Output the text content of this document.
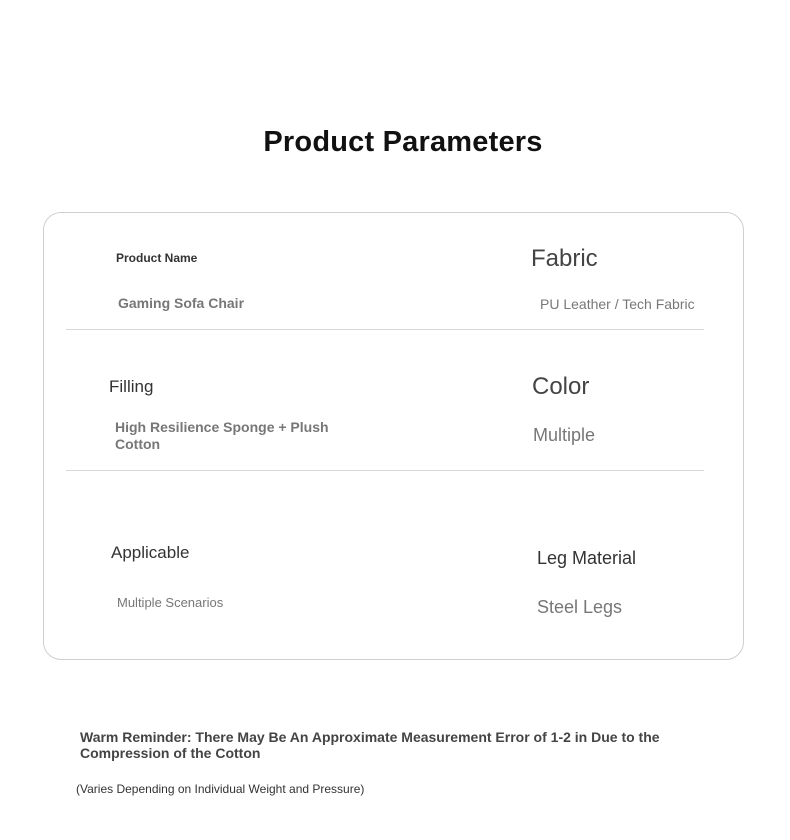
Product Parameters
Product Name
Gaming Sofa Chair
Fabric
PU Leather / Tech Fabric
Filling
High Resilience Sponge + Plush Cotton
Color
Multiple
Applicable
Multiple Scenarios
Leg Material
Steel Legs
Warm Reminder: There May Be An Approximate Measurement Error of 1-2 in Due to the Compression of the Cotton
(Varies Depending on Individual Weight and Pressure)
